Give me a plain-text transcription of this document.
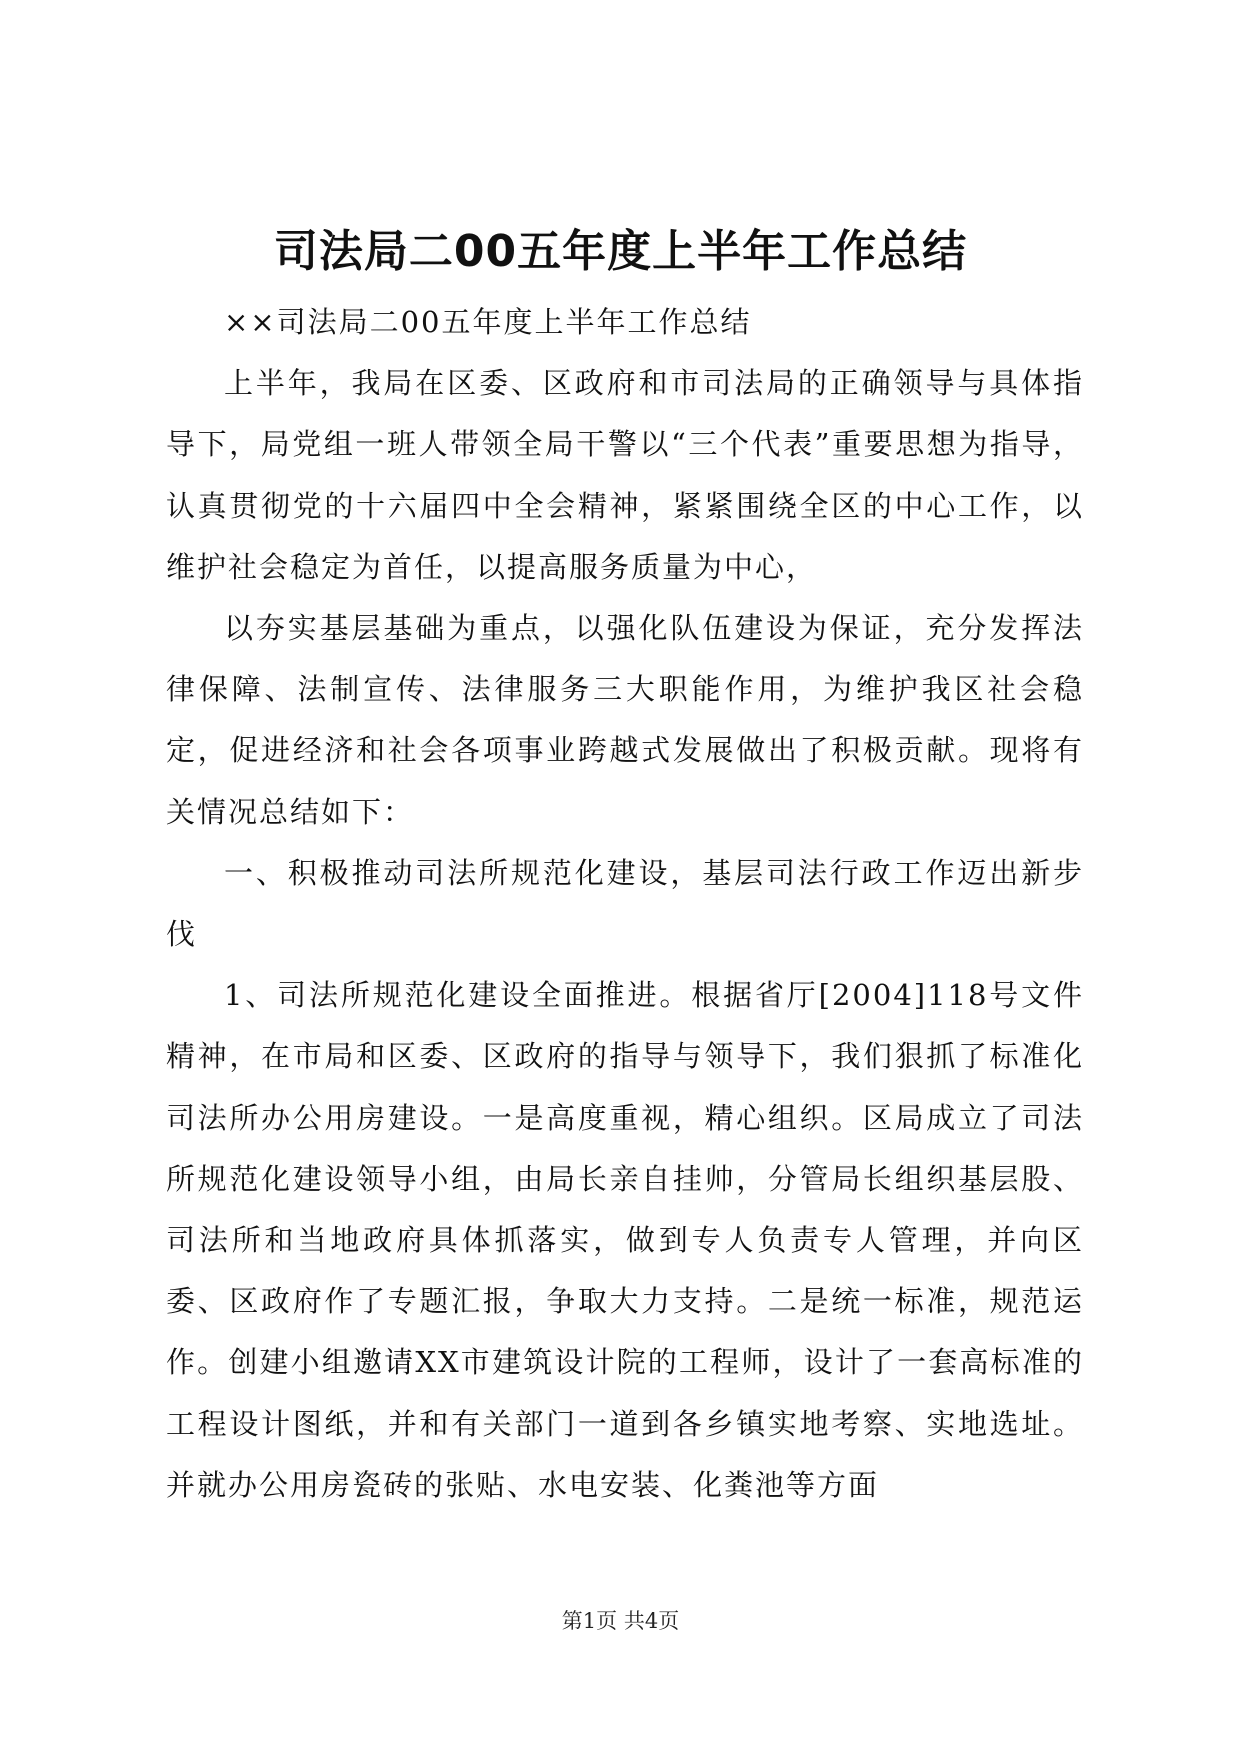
司法局二00五年度上半年工作总结

××司法局二00五年度上半年工作总结

上半年，我局在区委、区政府和市司法局的正确领导与具体指导下，局党组一班人带领全局干警以“三个代表”重要思想为指导，认真贯彻党的十六届四中全会精神，紧紧围绕全区的中心工作，以维护社会稳定为首任，以提高服务质量为中心，

以夯实基层基础为重点，以强化队伍建设为保证，充分发挥法律保障、法制宣传、法律服务三大职能作用，为维护我区社会稳定，促进经济和社会各项事业跨越式发展做出了积极贡献。现将有关情况总结如下：

一、积极推动司法所规范化建设，基层司法行政工作迈出新步伐

1、司法所规范化建设全面推进。根据省厅[2004]118号文件精神，在市局和区委、区政府的指导与领导下，我们狠抓了标准化司法所办公用房建设。一是高度重视，精心组织。区局成立了司法所规范化建设领导小组，由局长亲自挂帅，分管局长组织基层股、司法所和当地政府具体抓落实，做到专人负责专人管理，并向区委、区政府作了专题汇报，争取大力支持。二是统一标准，规范运作。创建小组邀请XX市建筑设计院的工程师，设计了一套高标准的工程设计图纸，并和有关部门一道到各乡镇实地考察、实地选址。并就办公用房瓷砖的张贴、水电安装、化粪池等方面

第1页 共4页
